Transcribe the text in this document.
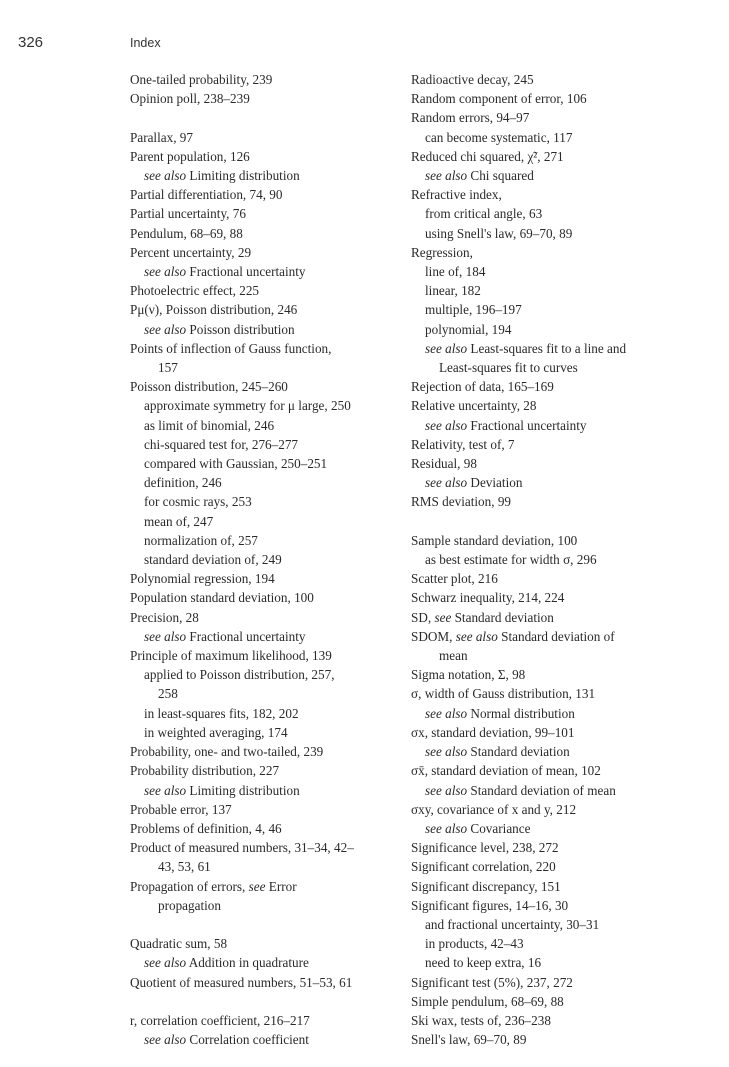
326	Index
One-tailed probability, 239
Opinion poll, 238–239
Parallax, 97
Parent population, 126
see also Limiting distribution
Partial differentiation, 74, 90
Partial uncertainty, 76
Pendulum, 68–69, 88
Percent uncertainty, 29
see also Fractional uncertainty
Photoelectric effect, 225
Pμ(ν), Poisson distribution, 246
see also Poisson distribution
Points of inflection of Gauss function,
157
Poisson distribution, 245–260
approximate symmetry for μ large, 250
as limit of binomial, 246
chi-squared test for, 276–277
compared with Gaussian, 250–251
definition, 246
for cosmic rays, 253
mean of, 247
normalization of, 257
standard deviation of, 249
Polynomial regression, 194
Population standard deviation, 100
Precision, 28
see also Fractional uncertainty
Principle of maximum likelihood, 139
applied to Poisson distribution, 257,
258
in least-squares fits, 182, 202
in weighted averaging, 174
Probability, one- and two-tailed, 239
Probability distribution, 227
see also Limiting distribution
Probable error, 137
Problems of definition, 4, 46
Product of measured numbers, 31–34, 42–
43, 53, 61
Propagation of errors, see Error
propagation
Quadratic sum, 58
see also Addition in quadrature
Quotient of measured numbers, 51–53, 61
r, correlation coefficient, 216–217
see also Correlation coefficient
Radioactive decay, 245
Random component of error, 106
Random errors, 94–97
can become systematic, 117
Reduced chi squared, χ̃², 271
see also Chi squared
Refractive index,
from critical angle, 63
using Snell's law, 69–70, 89
Regression,
line of, 184
linear, 182
multiple, 196–197
polynomial, 194
see also Least-squares fit to a line and
Least-squares fit to curves
Rejection of data, 165–169
Relative uncertainty, 28
see also Fractional uncertainty
Relativity, test of, 7
Residual, 98
see also Deviation
RMS deviation, 99
Sample standard deviation, 100
as best estimate for width σ, 296
Scatter plot, 216
Schwarz inequality, 214, 224
SD, see Standard deviation
SDOM, see also Standard deviation of
mean
Sigma notation, Σ, 98
σ, width of Gauss distribution, 131
see also Normal distribution
σx, standard deviation, 99–101
see also Standard deviation
σx̄, standard deviation of mean, 102
see also Standard deviation of mean
σxy, covariance of x and y, 212
see also Covariance
Significance level, 238, 272
Significant correlation, 220
Significant discrepancy, 151
Significant figures, 14–16, 30
and fractional uncertainty, 30–31
in products, 42–43
need to keep extra, 16
Significant test (5%), 237, 272
Simple pendulum, 68–69, 88
Ski wax, tests of, 236–238
Snell's law, 69–70, 89
